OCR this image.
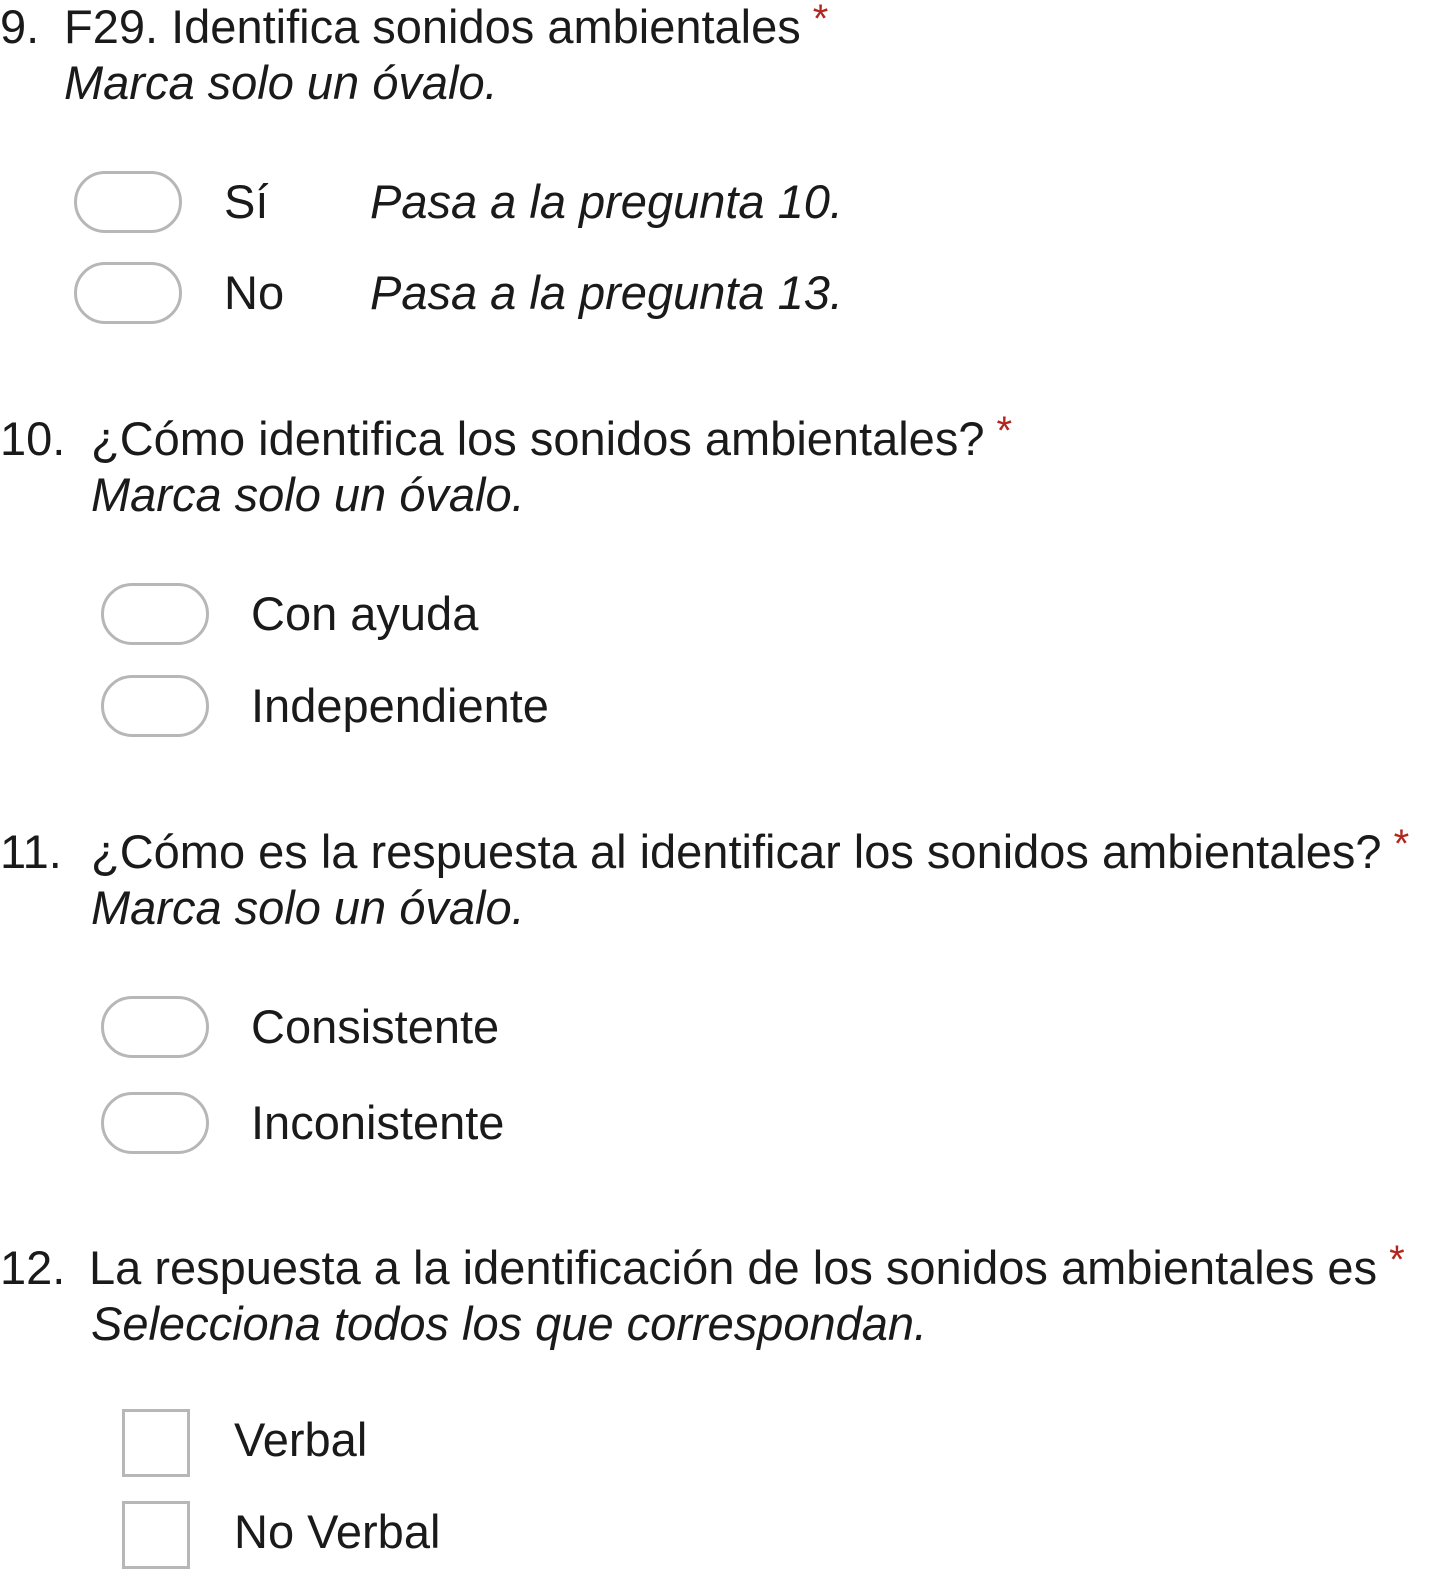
9. F29. Identifica sonidos ambientales *
Marca solo un óvalo.
Sí Pasa a la pregunta 10.
No Pasa a la pregunta 13.
10. ¿Cómo identifica los sonidos ambientales? *
Marca solo un óvalo.
Con ayuda
Independiente
11. ¿Cómo es la respuesta al identificar los sonidos ambientales? *
Marca solo un óvalo.
Consistente
Inconistente
12. La respuesta a la identificación de los sonidos ambientales es *
Selecciona todos los que correspondan.
Verbal
No Verbal
